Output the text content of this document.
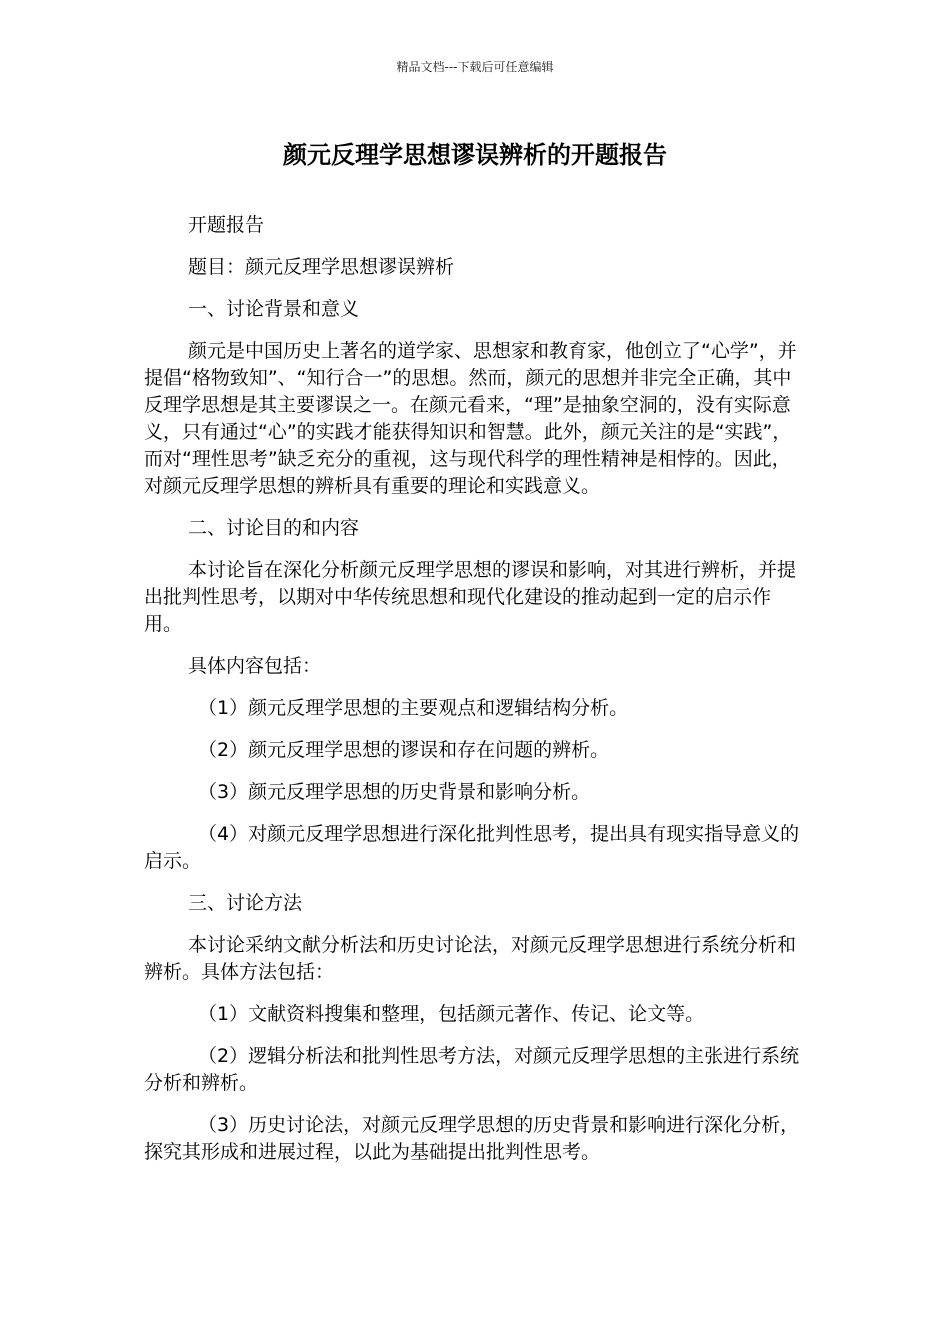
精品文档---下载后可任意编辑
颜元反理学思想谬误辨析的开题报告

开题报告

题目：颜元反理学思想谬误辨析

一、讨论背景和意义

颜元是中国历史上著名的道学家、思想家和教育家，他创立了“心学”，并提倡“格物致知”、“知行合一”的思想。然而，颜元的思想并非完全正确，其中反理学思想是其主要谬误之一。在颜元看来，“理”是抽象空洞的，没有实际意义，只有通过“心”的实践才能获得知识和智慧。此外，颜元关注的是“实践”，而对“理性思考”缺乏充分的重视，这与现代科学的理性精神是相悖的。因此，对颜元反理学思想的辨析具有重要的理论和实践意义。

二、讨论目的和内容

本讨论旨在深化分析颜元反理学思想的谬误和影响，对其进行辨析，并提出批判性思考，以期对中华传统思想和现代化建设的推动起到一定的启示作用。

具体内容包括：

（1）颜元反理学思想的主要观点和逻辑结构分析。

（2）颜元反理学思想的谬误和存在问题的辨析。

（3）颜元反理学思想的历史背景和影响分析。

（4）对颜元反理学思想进行深化批判性思考，提出具有现实指导意义的启示。

三、讨论方法

本讨论采纳文献分析法和历史讨论法，对颜元反理学思想进行系统分析和辨析。具体方法包括：

（1）文献资料搜集和整理，包括颜元著作、传记、论文等。

（2）逻辑分析法和批判性思考方法，对颜元反理学思想的主张进行系统分析和辨析。

（3）历史讨论法，对颜元反理学思想的历史背景和影响进行深化分析，探究其形成和进展过程，以此为基础提出批判性思考。
